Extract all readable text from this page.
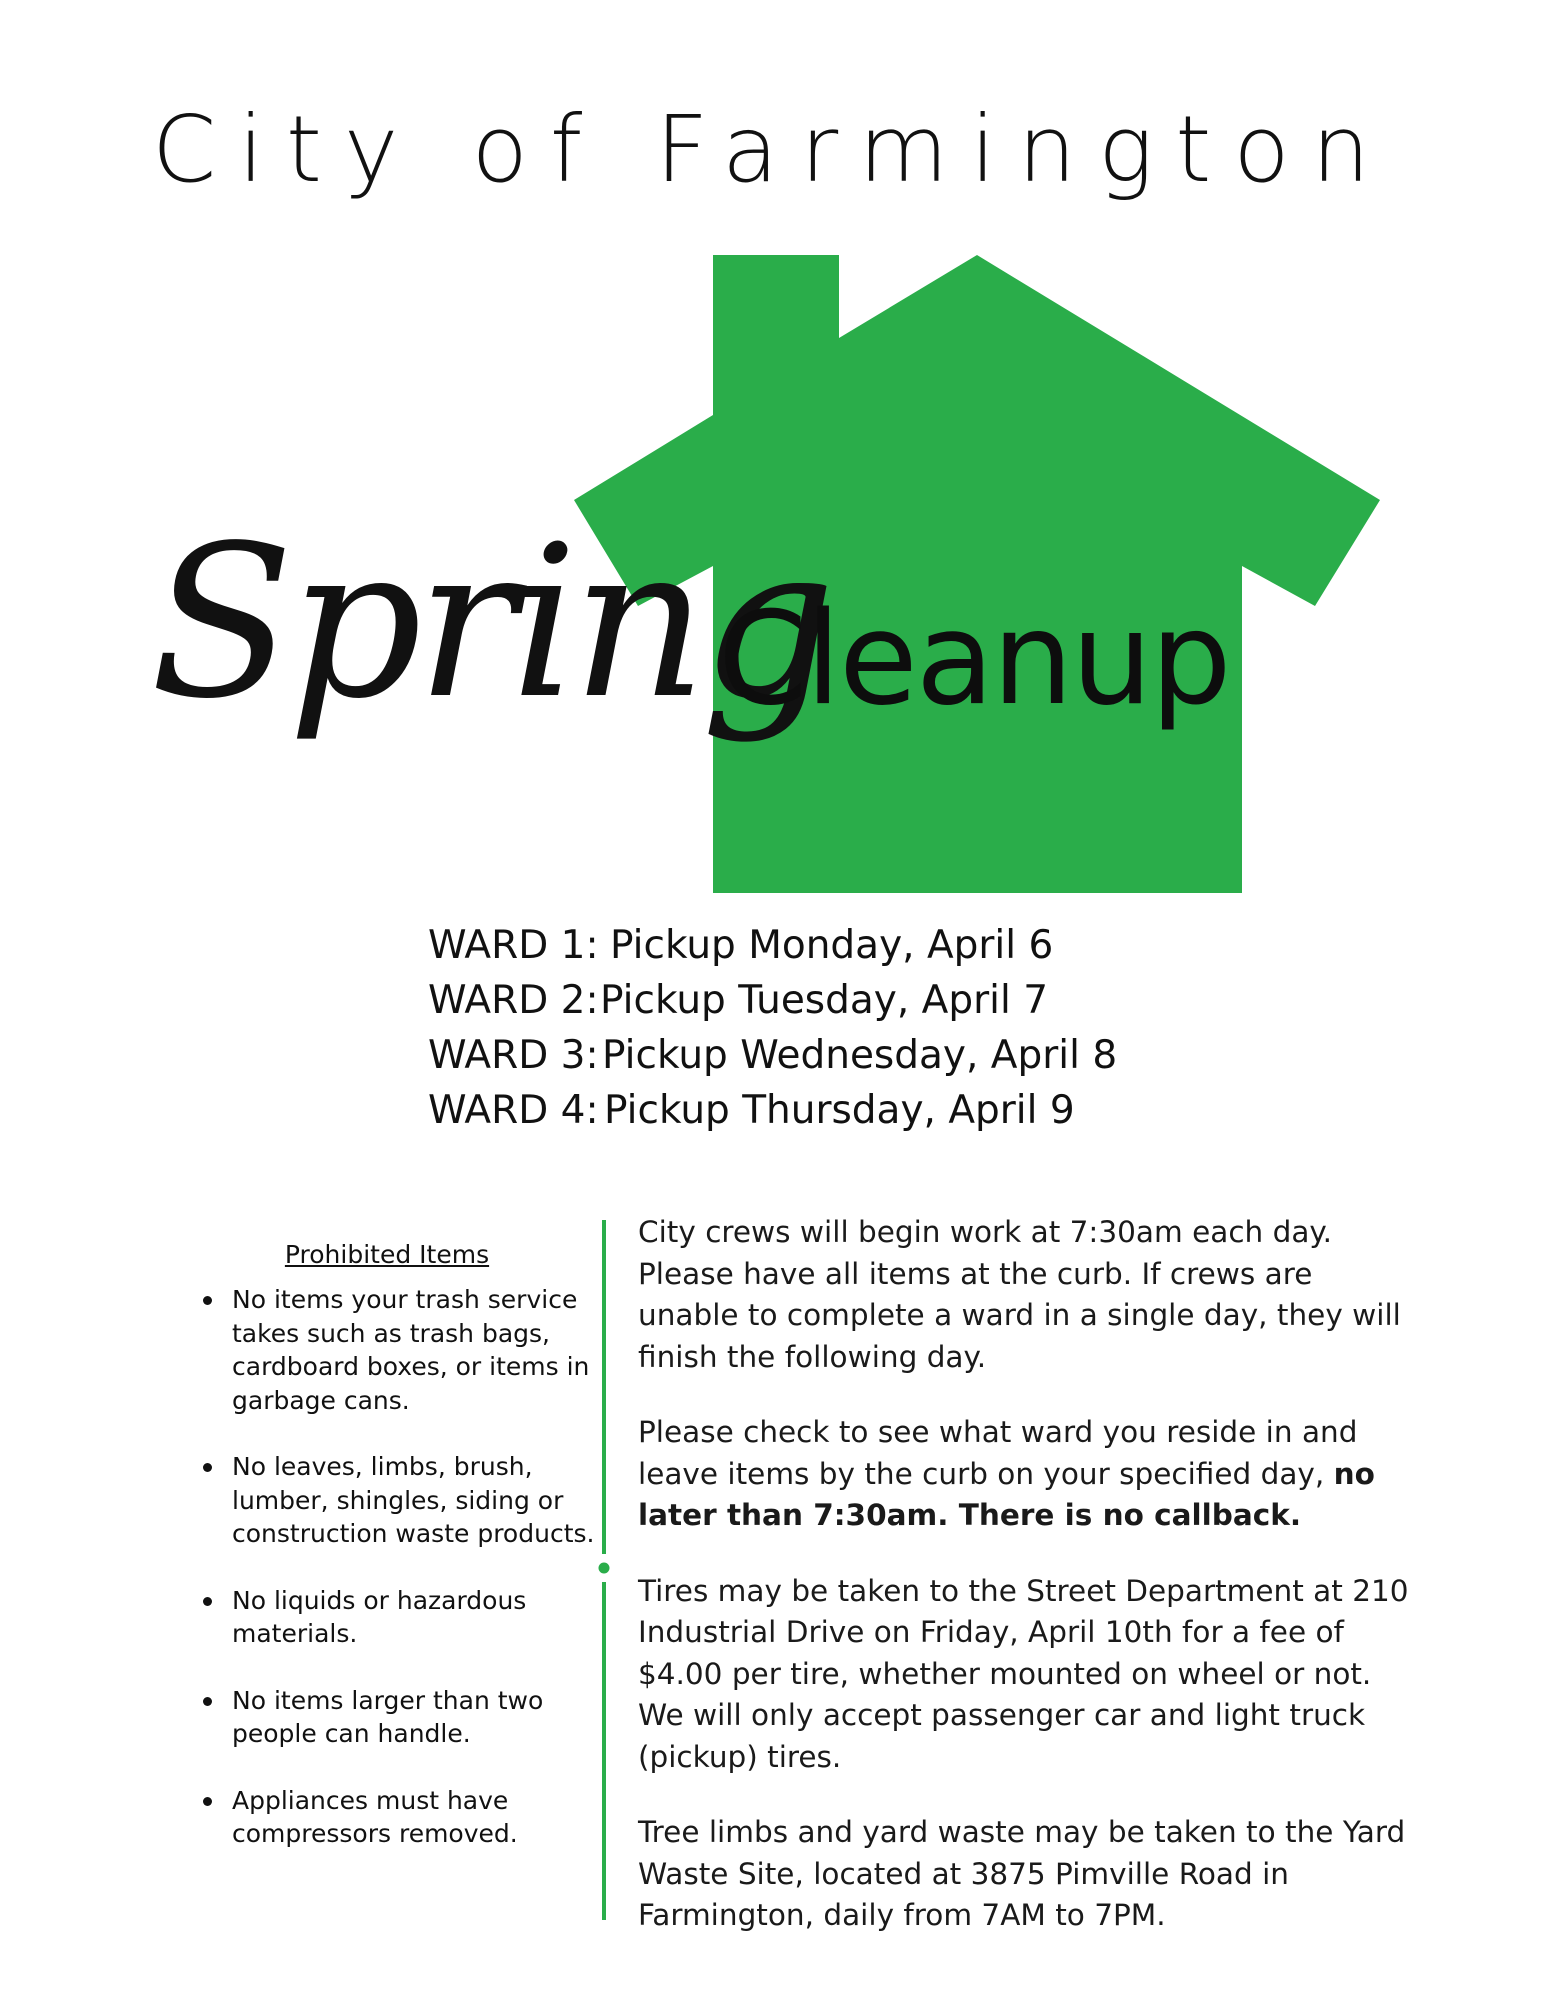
City of Farmington
Spring
Cleanup
WARD 1: Pickup Monday, April 6
WARD 2:Pickup Tuesday, April 7
WARD 3:Pickup Wednesday, April 8
WARD 4: Pickup Thursday, April 9
Prohibited Items
No items your trash service takes such as trash bags, cardboard boxes, or items in garbage cans.
No leaves, limbs, brush, lumber, shingles, siding or construction waste products.
No liquids or hazardous materials.
No items larger than two people can handle.
Appliances must have compressors removed.

City crews will begin work at 7:30am each day. Please have all items at the curb. If crews are unable to complete a ward in a single day, they will finish the following day.

Please check to see what ward you reside in and leave items by the curb on your specified day, no later than 7:30am. There is no callback.

Tires may be taken to the Street Department at 210 Industrial Drive on Friday, April 10th for a fee of $4.00 per tire, whether mounted on wheel or not. We will only accept passenger car and light truck (pickup) tires.

Tree limbs and yard waste may be taken to the Yard Waste Site, located at 3875 Pimville Road in Farmington, daily from 7AM to 7PM.
